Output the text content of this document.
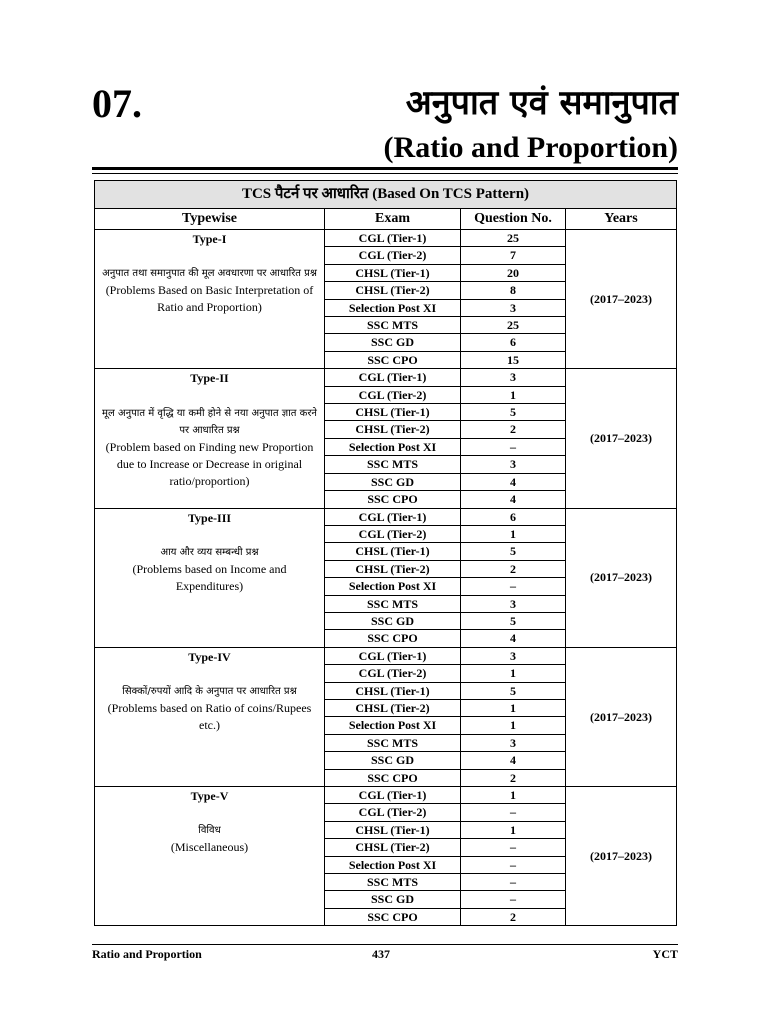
07.	अनुपात एवं समानुपात
(Ratio and Proportion)
TCS पैटर्न पर आधारित (Based On TCS Pattern)			
Typewise	Exam	Question No.	Years

Type-I
अनुपात तथा समानुपात की मूल अवधारणा पर आधारित प्रश्न
(Problems Based on Basic Interpretation of Ratio and Proportion)	CGL (Tier-1)	25	(2017–2023)
	CGL (Tier-2)	7	
	CHSL (Tier-1)	20	
	CHSL (Tier-2)	8	
	Selection Post XI	3	
	SSC MTS	25	
	SSC GD	6	
	SSC CPO	15	

Type-II
मूल अनुपात में वृद्धि या कमी होने से नया अनुपात ज्ञात करने पर आधारित प्रश्न
(Problem based on Finding new Proportion due to Increase or Decrease in original ratio/proportion)	CGL (Tier-1)	3	(2017–2023)
	CGL (Tier-2)	1	
	CHSL (Tier-1)	5	
	CHSL (Tier-2)	2	
	Selection Post XI	–	
	SSC MTS	3	
	SSC GD	4	
	SSC CPO	4	

Type-III
आय और व्यय सम्बन्धी प्रश्न
(Problems based on Income and Expenditures)	CGL (Tier-1)	6	(2017–2023)
	CGL (Tier-2)	1	
	CHSL (Tier-1)	5	
	CHSL (Tier-2)	2	
	Selection Post XI	–	
	SSC MTS	3	
	SSC GD	5	
	SSC CPO	4	

Type-IV
सिक्कों/रुपयों आदि के अनुपात पर आधारित प्रश्न
(Problems based on Ratio of coins/Rupees etc.)	CGL (Tier-1)	3	(2017–2023)
	CGL (Tier-2)	1	
	CHSL (Tier-1)	5	
	CHSL (Tier-2)	1	
	Selection Post XI	1	
	SSC MTS	3	
	SSC GD	4	
	SSC CPO	2	

Type-V
विविध
(Miscellaneous)	CGL (Tier-1)	1	(2017–2023)
	CGL (Tier-2)	–	
	CHSL (Tier-1)	1	
	CHSL (Tier-2)	–	
	Selection Post XI	–	
	SSC MTS	–	
	SSC GD	–	
	SSC CPO	2	
Ratio and Proportion	437	YCT
